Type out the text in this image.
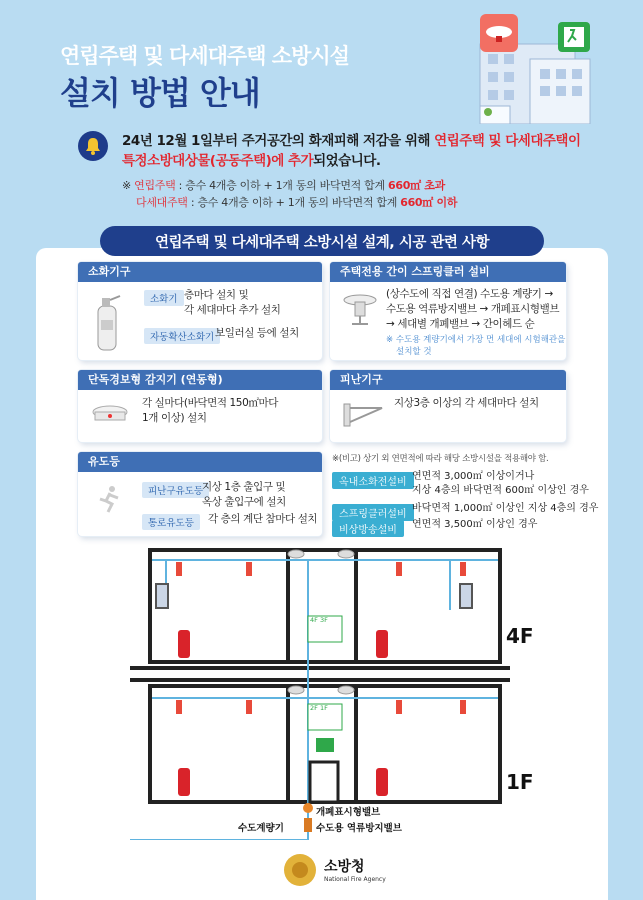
연립주택 및 다세대주택 소방시설
설치 방법 안내
24년 12월 1일부터 주거공간의 화재피해 저감을 위해 연립주택 및 다세대주택이
특정소방대상물(공동주택)에 추가되었습니다.
※ 연립주택 : 층수 4개층 이하 + 1개 동의 바닥면적 합계 660㎡ 초과
다세대주택 : 층수 4개층 이하 + 1개 동의 바닥면적 합계 660㎡ 이하
연립주택 및 다세대주택 소방시설 설계, 시공 관련 사항
소화기구
소화기 층마다 설치 및
각 세대마다 추가 설치
자동확산소화기 보일러실 등에 설치
단독경보형 감지기 (연동형)
각 실마다(바닥면적 150㎡마다
1개 이상) 설치
유도등
피난구유도등
지상 1층 출입구 및
옥상 출입구에 설치
통로유도등	각 층의 계단 참마다 설치
주택전용 간이 스프링클러 설비
(상수도에 직접 연결) 수도용 계량기 →
수도용 역류방지밸브 → 개페표시형밸브
→ 세대별 개폐밸브 → 간이헤드 순
※ 수도용 계량기에서 가장 먼 세대에 시험해관을
설치할 것
피난기구
지상3층 이상의 각 세대마다 설치
※(비고) 상기 외 연면적에 따라 해당 소방시설을 적용해야 함.
옥내소화전설비
연면적 3,000㎡ 이상이거나
지상 4층의 바닥면적 600㎡ 이상인 경우
스프링클러설비
바닥면적 1,000㎡ 이상인 지상 4층의 경우
비상방송설비
연면적 3,500㎡ 이상인 경우
4F 3F
2F 1F
4F
1F
개폐표시형밸브
수도용 역류방지밸브
수도계량기
소방청
National Fire Agency
